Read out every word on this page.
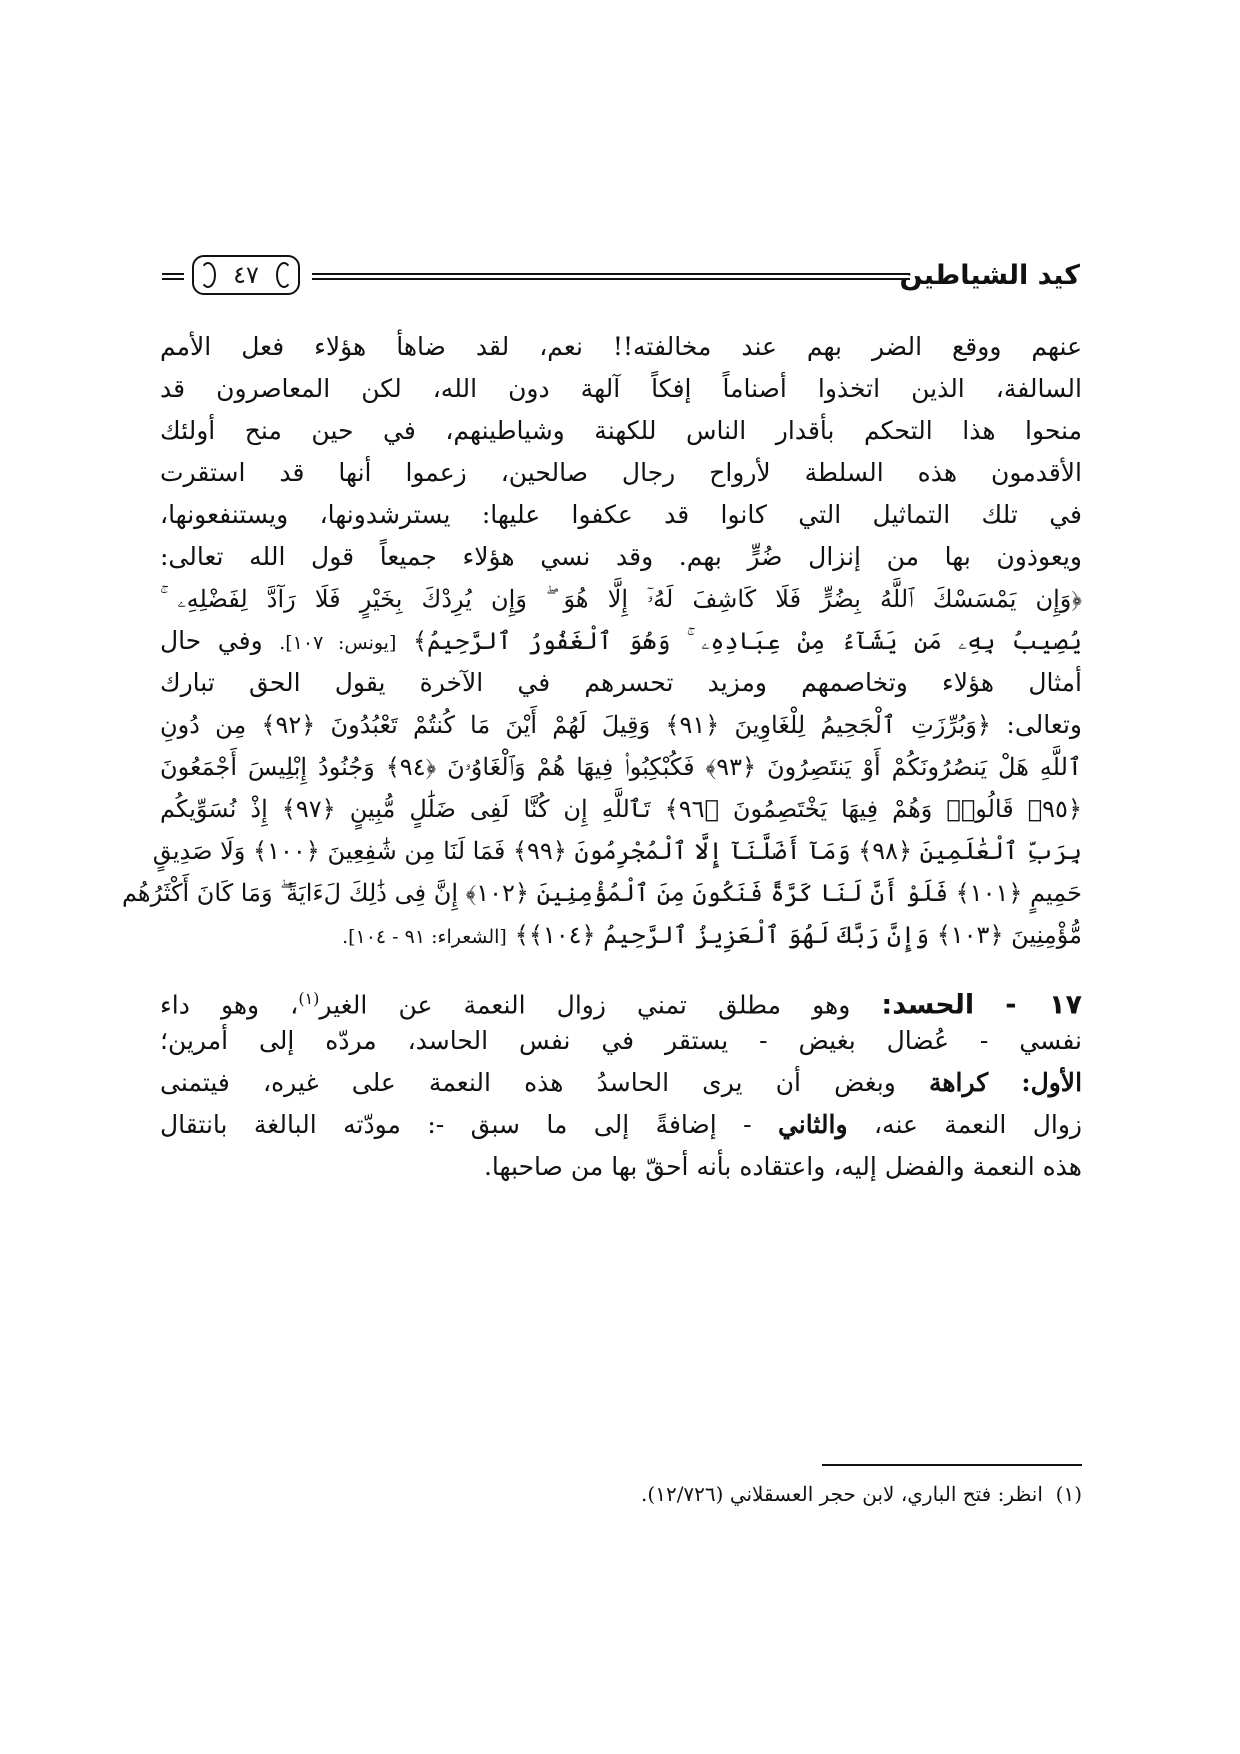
كيد الشياطين
٤٧
عنهم ووقع الضر بهم عند مخالفته!! نعم، لقد ضاهأ هؤلاء فعل الأمم
السالفة، الذين اتخذوا أصناماً إفكاً آلهة دون الله، لكن المعاصرون قد
منحوا هذا التحكم بأقدار الناس للكهنة وشياطينهم، في حين منح أولئك
الأقدمون هذه السلطة لأرواح رجال صالحين، زعموا أنها قد استقرت
في تلك التماثيل التي كانوا قد عكفوا عليها: يسترشدونها، ويستنفعونها،
ويعوذون بها من إنزال ضُرٍّ بهم. وقد نسي هؤلاء جميعاً قول الله تعالى:
﴿وَإِن يَمْسَسْكَ ٱللَّهُ بِضُرٍّ فَلَا كَاشِفَ لَهُۥٓ إِلَّا هُوَ ۖ وَإِن يُرِدْكَ بِخَيْرٍ فَلَا رَآدَّ لِفَضْلِهِۦ ۚ
يُصِيبُ بِهِۦ مَن يَشَآءُ مِنْ عِبَادِهِۦ ۚ وَهُوَ ٱلْغَفُورُ ٱلرَّحِيمُ﴾ [يونس: ١٠٧]. وفي حال
أمثال هؤلاء وتخاصمهم ومزيد تحسرهم في الآخرة يقول الحق تبارك
وتعالى: ﴿وَبُرِّزَتِ ٱلْجَحِيمُ لِلْغَاوِينَ ﴿٩١﴾ وَقِيلَ لَهُمْ أَيْنَ مَا كُنتُمْ تَعْبُدُونَ ﴿٩٢﴾ مِن دُونِ
ٱللَّهِ هَلْ يَنصُرُونَكُمْ أَوْ يَنتَصِرُونَ ﴿٩٣﴾ فَكُبْكِبُوا۟ فِيهَا هُمْ وَٱلْغَاوُۥنَ ﴿٩٤﴾ وَجُنُودُ إِبْلِيسَ أَجْمَعُونَ
﴿٩٥﴾ قَالُوا۟ وَهُمْ فِيهَا يَخْتَصِمُونَ ﴿٩٦﴾ تَٱللَّهِ إِن كُنَّا لَفِى ضَلَٰلٍ مُّبِينٍ ﴿٩٧﴾ إِذْ نُسَوِّيكُم
بِرَبِّ ٱلْعَٰلَمِينَ ﴿٩٨﴾ وَمَآ أَضَلَّنَآ إِلَّا ٱلْمُجْرِمُونَ ﴿٩٩﴾ فَمَا لَنَا مِن شَٰفِعِينَ ﴿١٠٠﴾ وَلَا صَدِيقٍ
حَمِيمٍ ﴿١٠١﴾ فَلَوْ أَنَّ لَنَا كَرَّةً فَنَكُونَ مِنَ ٱلْمُؤْمِنِينَ ﴿١٠٢﴾ إِنَّ فِى ذَٰلِكَ لَءَايَةً ۖ وَمَا كَانَ أَكْثَرُهُم
مُّؤْمِنِينَ ﴿١٠٣﴾ وَإِنَّ رَبَّكَ لَهُوَ ٱلْعَزِيزُ ٱلرَّحِيمُ ﴿١٠٤﴾﴾ [الشعراء: ٩١ - ١٠٤].
١٧ - الحسد: وهو مطلق تمني زوال النعمة عن الغير$^{(١)}$، وهو داء
نفسي - عُضال بغيض - يستقر في نفس الحاسد، مردّه إلى أمرين؛
الأول: كراهة وبغض أن يرى الحاسدُ هذه النعمة على غيره، فيتمنى
زوال النعمة عنه، والثاني - إضافةً إلى ما سبق -: مودّته البالغة بانتقال
هذه النعمة والفضل إليه، واعتقاده بأنه أحقّ بها من صاحبها.
(١)  انظر: فتح الباري، لابن حجر العسقلاني (١٢/٧٢٦).
